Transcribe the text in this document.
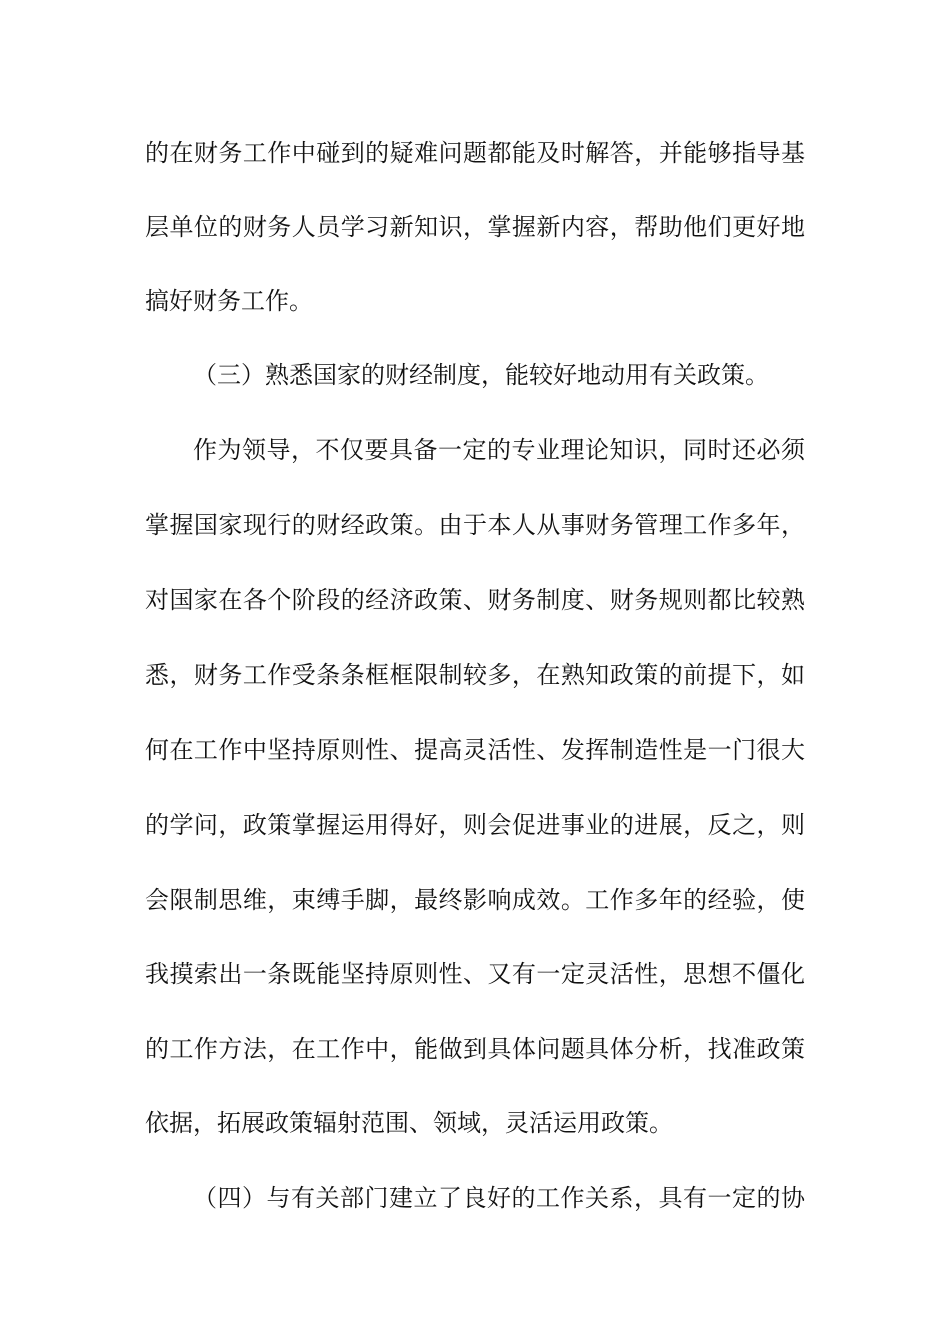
的在财务工作中碰到的疑难问题都能及时解答，并能够指导基
层单位的财务人员学习新知识，掌握新内容，帮助他们更好地
搞好财务工作。
（三）熟悉国家的财经制度，能较好地动用有关政策。
作为领导，不仅要具备一定的专业理论知识，同时还必须
掌握国家现行的财经政策。由于本人从事财务管理工作多年，
对国家在各个阶段的经济政策、财务制度、财务规则都比较熟
悉，财务工作受条条框框限制较多，在熟知政策的前提下，如
何在工作中坚持原则性、提高灵活性、发挥制造性是一门很大
的学问，政策掌握运用得好，则会促进事业的进展，反之，则
会限制思维，束缚手脚，最终影响成效。工作多年的经验，使
我摸索出一条既能坚持原则性、又有一定灵活性，思想不僵化
的工作方法，在工作中，能做到具体问题具体分析，找准政策
依据，拓展政策辐射范围、领域，灵活运用政策。
（四）与有关部门建立了良好的工作关系，具有一定的协
